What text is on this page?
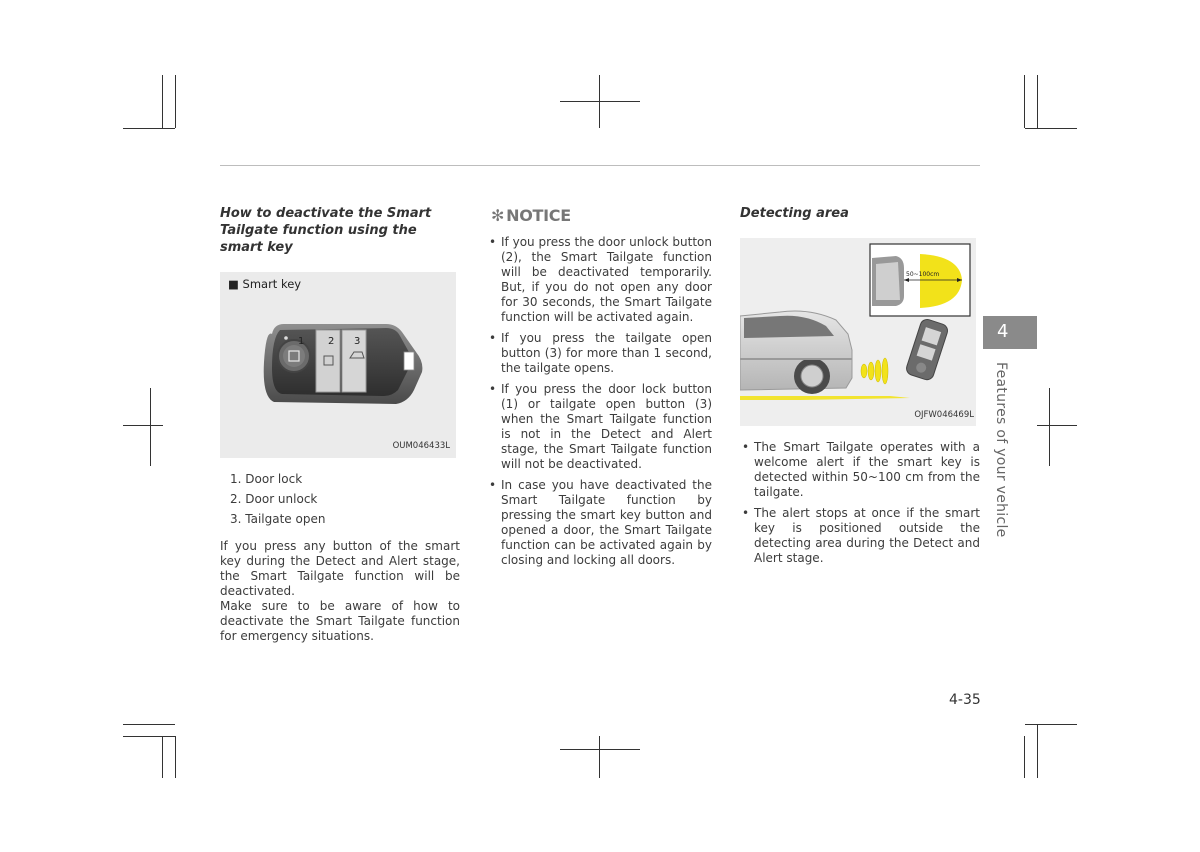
How to deactivate the Smart Tailgate function using the smart key

■ Smart key
1 2 3
OUM046433L
1. Door lock
2. Door unlock
3. Tailgate open

If you press any button of the smart key during the Detect and Alert stage, the Smart Tailgate function will be deactivated.

Make sure to be aware of how to deactivate the Smart Tailgate function for emergency situations.

✻ NOTICE
• If you press the door unlock button (2), the Smart Tailgate function will be deactivated temporarily. But, if you do not open any door for 30 seconds, the Smart Tailgate function will be activated again.
• If you press the tailgate open button (3) for more than 1 second, the tailgate opens.
• If you press the door lock button (1) or tailgate open button (3) when the Smart Tailgate function is not in the Detect and Alert stage, the Smart Tailgate function will not be deactivated.
• In case you have deactivated the Smart Tailgate function by pressing the smart key button and opened a door, the Smart Tailgate function can be activated again by closing and locking all doors.

Detecting area

50~100cm
OJFW046469L
• The Smart Tailgate operates with a welcome alert if the smart key is detected within 50~100 cm from the tailgate.
• The alert stops at once if the smart key is positioned outside the detecting area during the Detect and Alert stage.
4
Features of your vehicle
4-35
